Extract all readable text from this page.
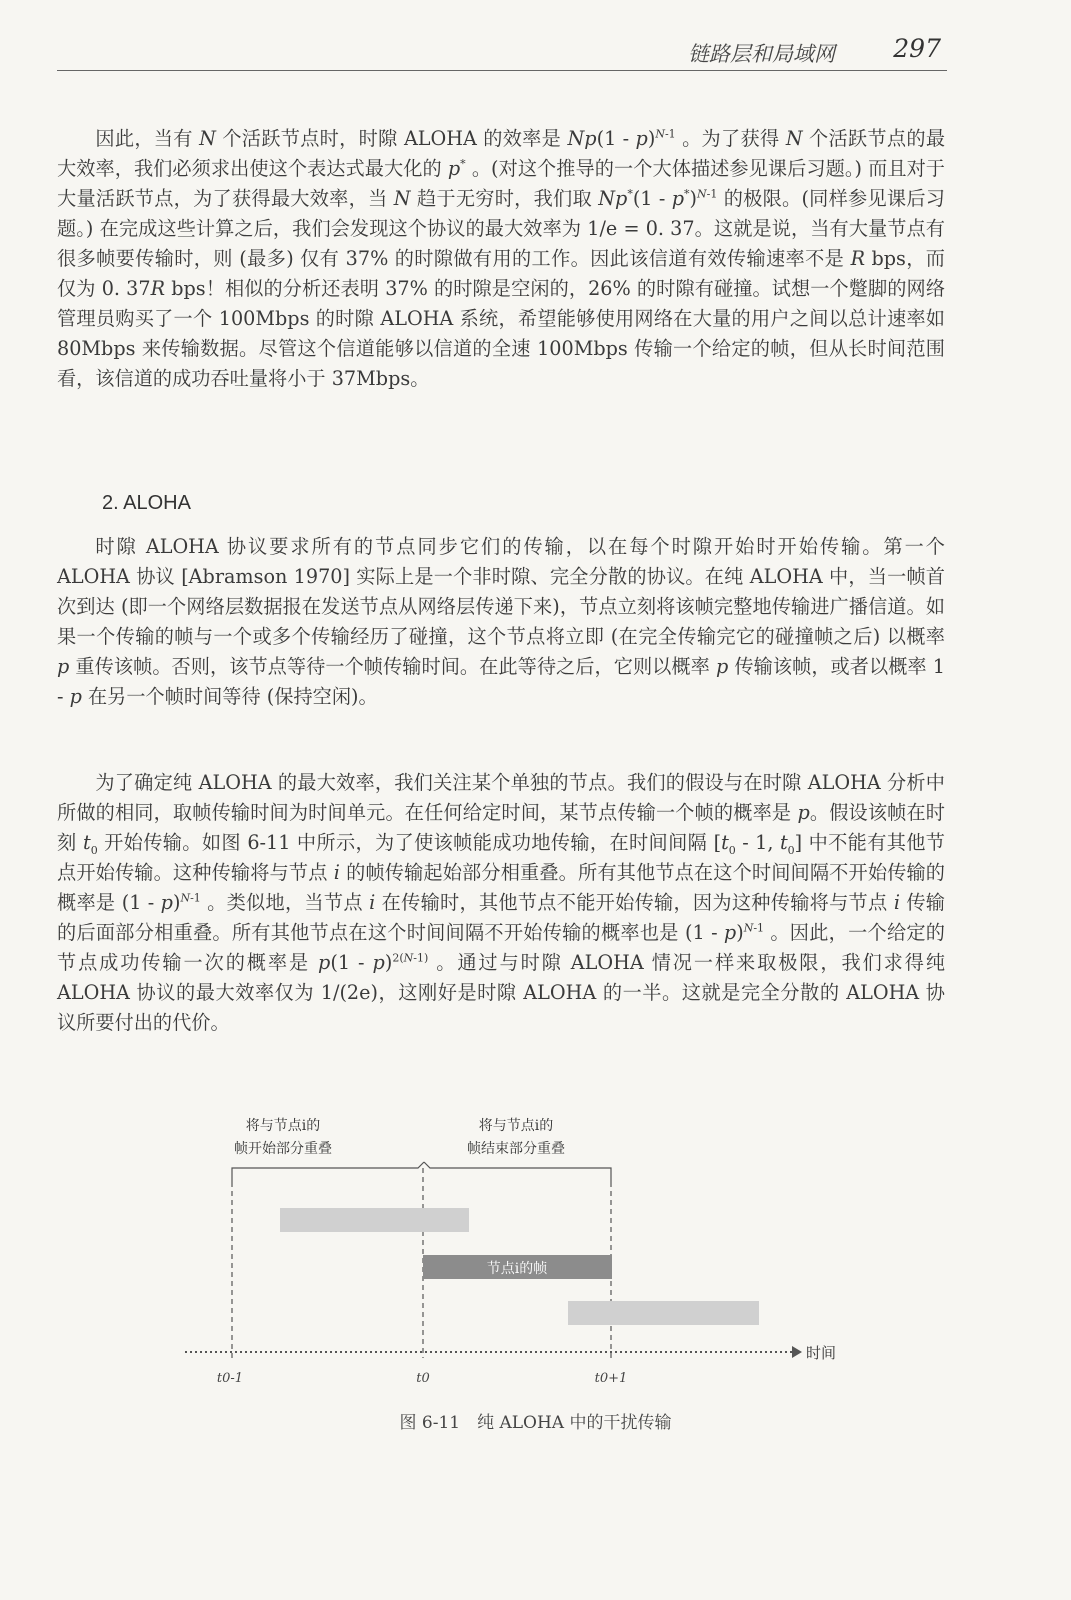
链路层和局域网 297

因此，当有 N 个活跃节点时，时隙 ALOHA 的效率是 Np(1 - p)$^{N-1}$ 。为了获得 N 个活跃节点的最大效率，我们必须求出使这个表达式最大化的 p* 。(对这个推导的一个大体描述参见课后习题。) 而且对于大量活跃节点，为了获得最大效率，当 N 趋于无穷时，我们取 Np*(1 - p*)$^{N-1}$ 的极限。(同样参见课后习题。) 在完成这些计算之后，我们会发现这个协议的最大效率为 1/e = 0. 37。这就是说，当有大量节点有很多帧要传输时，则 (最多) 仅有 37% 的时隙做有用的工作。因此该信道有效传输速率不是 R bps，而仅为 0. 37R bps！相似的分析还表明 37% 的时隙是空闲的，26% 的时隙有碰撞。试想一个蹩脚的网络管理员购买了一个 100Mbps 的时隙 ALOHA 系统，希望能够使用网络在大量的用户之间以总计速率如 80Mbps 来传输数据。尽管这个信道能够以信道的全速 100Mbps 传输一个给定的帧，但从长时间范围看，该信道的成功吞吐量将小于 37Mbps。

2. ALOHA

时隙 ALOHA 协议要求所有的节点同步它们的传输，以在每个时隙开始时开始传输。第一个 ALOHA 协议 [Abramson 1970] 实际上是一个非时隙、完全分散的协议。在纯 ALOHA 中，当一帧首次到达 (即一个网络层数据报在发送节点从网络层传递下来)，节点立刻将该帧完整地传输进广播信道。如果一个传输的帧与一个或多个传输经历了碰撞，这个节点将立即 (在完全传输完它的碰撞帧之后) 以概率 p 重传该帧。否则，该节点等待一个帧传输时间。在此等待之后，它则以概率 p 传输该帧，或者以概率 1 - p 在另一个帧时间等待 (保持空闲)。

为了确定纯 ALOHA 的最大效率，我们关注某个单独的节点。我们的假设与在时隙 ALOHA 分析中所做的相同，取帧传输时间为时间单元。在任何给定时间，某节点传输一个帧的概率是 p。假设该帧在时刻 $t_0$ 开始传输。如图 6-11 中所示，为了使该帧能成功地传输，在时间间隔 [$t_0 - 1$, $t_0$] 中不能有其他节点开始传输。这种传输将与节点 i 的帧传输起始部分相重叠。所有其他节点在这个时间间隔不开始传输的概率是 (1 - p)$^{N-1}$ 。类似地，当节点 i 在传输时，其他节点不能开始传输，因为这种传输将与节点 i 传输的后面部分相重叠。所有其他节点在这个时间间隔不开始传输的概率也是 (1 - p)$^{N-1}$ 。因此，一个给定的节点成功传输一次的概率是 p(1 - p)$^{2(N-1)}$ 。通过与时隙 ALOHA 情况一样来取极限，我们求得纯 ALOHA 协议的最大效率仅为 1/(2e)，这刚好是时隙 ALOHA 的一半。这就是完全分散的 ALOHA 协议所要付出的代价。

将与节点i的
帧开始部分重叠
将与节点i的
帧结束部分重叠
节点i的帧
时间
t0-1	t0	t0+1
图 6-11　纯 ALOHA 中的干扰传输
